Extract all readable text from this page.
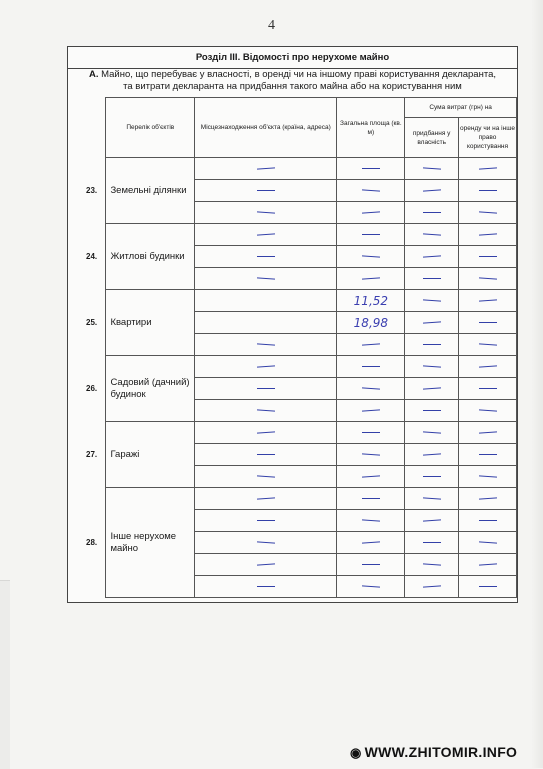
4
Розділ III. Відомості про нерухоме майно
А. Майно, що перебуває у власності, в оренді чи на іншому праві користування декларанта,
та витрати декларанта на придбання такого майна або на користування ним
	Перелік об'єктів	Місцезнаходження об'єкта (країна, адреса)	Загальна площа (кв. м)	Сума витрат (грн) на	
				придбання у власність	оренду чи на інше право користування
23.	Земельні ділянки				

24.	Житлові будинки				

25.	Квартири		11,52		
			18,98		

26.	Садовий (дачний) будинок				

27.	Гаражі				

28.	Інше нерухоме майно				

◉ WWW.ZHITOMIR.INFO
